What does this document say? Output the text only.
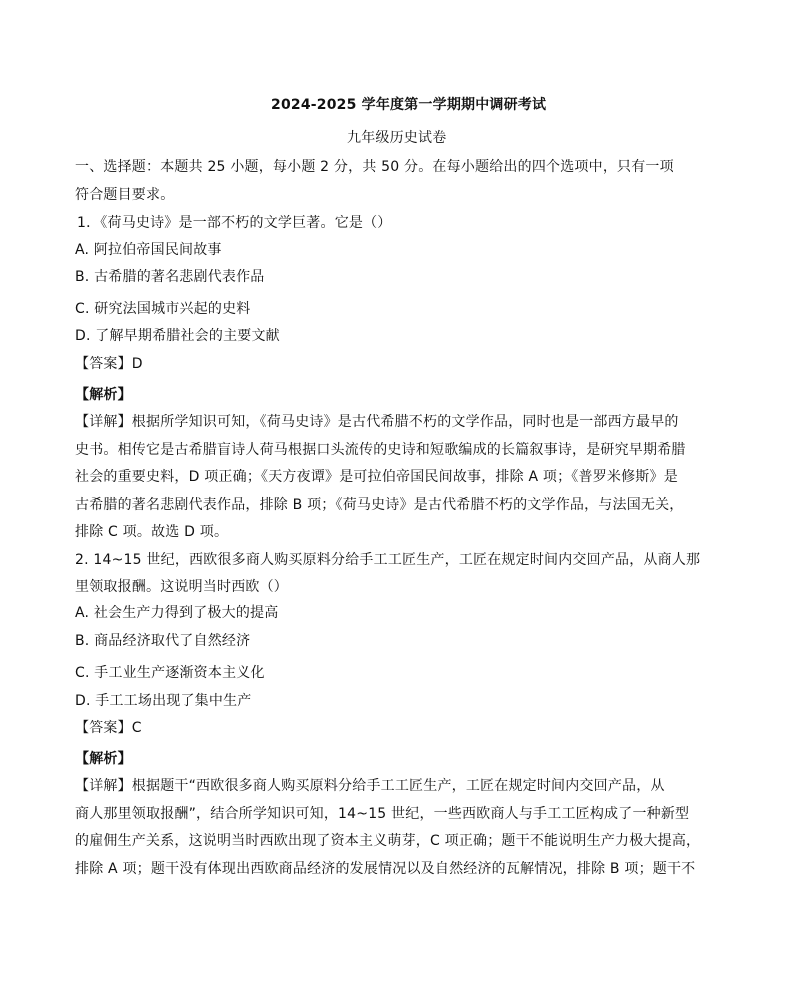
2024-2025 学年度第一学期期中调研考试
九年级历史试卷
一、选择题：本题共 25 小题，每小题 2 分，共 50 分。在每小题给出的四个选项中，只有一项
符合题目要求。
1．《荷马史诗》是一部不朽的文学巨著。它是（）
A. 阿拉伯帝国民间故事
B. 古希腊的著名悲剧代表作品
C. 研究法国城市兴起的史料
D. 了解早期希腊社会的主要文献
【答案】D
【解析】
【详解】根据所学知识可知，《荷马史诗》是古代希腊不朽的文学作品，同时也是一部西方最早的
史书。相传它是古希腊盲诗人荷马根据口头流传的史诗和短歌编成的长篇叙事诗，是研究早期希腊
社会的重要史料，D 项正确；《天方夜谭》是可拉伯帝国民间故事，排除 A 项；《普罗米修斯》是
古希腊的著名悲剧代表作品，排除 B 项；《荷马史诗》是古代希腊不朽的文学作品，与法国无关，
排除 C 项。故选 D 项。
2. 14~15 世纪，西欧很多商人购买原料分给手工工匠生产，工匠在规定时间内交回产品，从商人那
里领取报酬。这说明当时西欧（）
A. 社会生产力得到了极大的提高
B. 商品经济取代了自然经济
C. 手工业生产逐渐资本主义化
D. 手工工场出现了集中生产
【答案】C
【解析】
【详解】根据题干“西欧很多商人购买原料分给手工工匠生产，工匠在规定时间内交回产品，从
商人那里领取报酬”，结合所学知识可知，14~15 世纪，一些西欧商人与手工工匠构成了一种新型
的雇佣生产关系，这说明当时西欧出现了资本主义萌芽，C 项正确；题干不能说明生产力极大提高，
排除 A 项；题干没有体现出西欧商品经济的发展情况以及自然经济的瓦解情况，排除 B 项；题干不
